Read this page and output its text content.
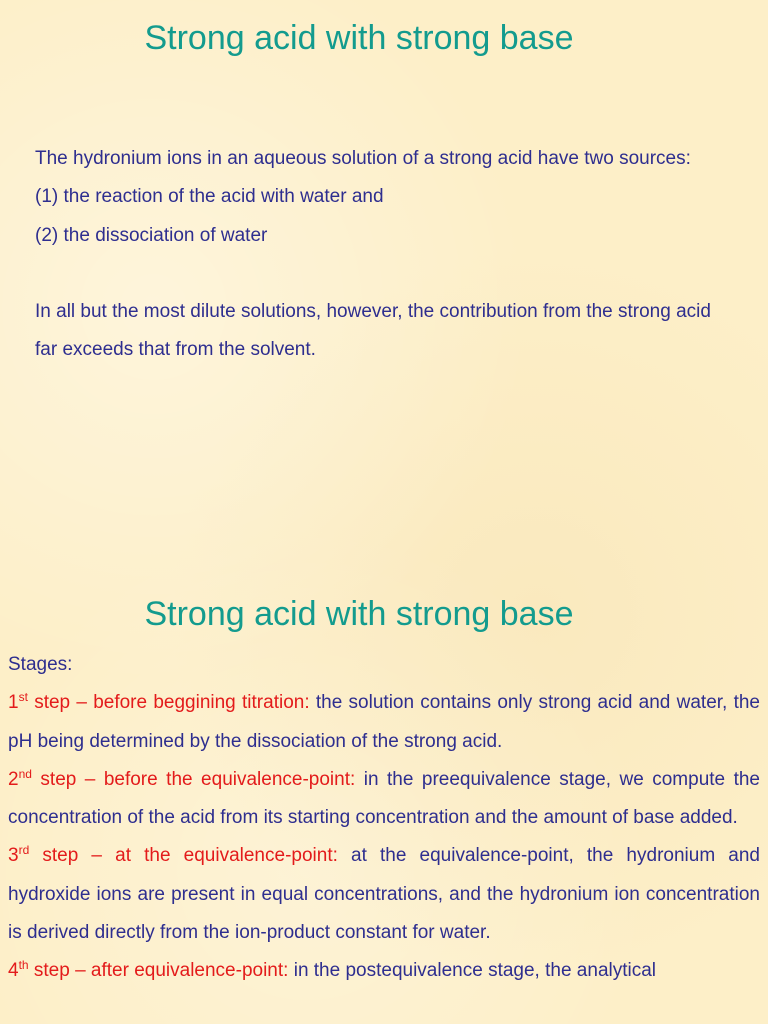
Strong acid with strong base

The hydronium ions in an aqueous solution of a strong acid have two sources:

(1) the reaction of the acid with water and

(2) the dissociation of water

In all but the most dilute solutions, however, the contribution from the strong acid far exceeds that from the solvent.

Strong acid with strong base

Stages:

1st step – before beggining titration: the solution contains only strong acid and water, the pH being determined by the dissociation of the strong acid.

2nd step – before the equivalence-point: in the preequivalence stage, we compute the concentration of the acid from its starting concentration and the amount of base added.

3rd step – at the equivalence-point: at the equivalence-point, the hydronium and hydroxide ions are present in equal concentrations, and the hydronium ion concentration is derived directly from the ion-product constant for water.

4th step – after equivalence-point: in the postequivalence stage, the analytical
